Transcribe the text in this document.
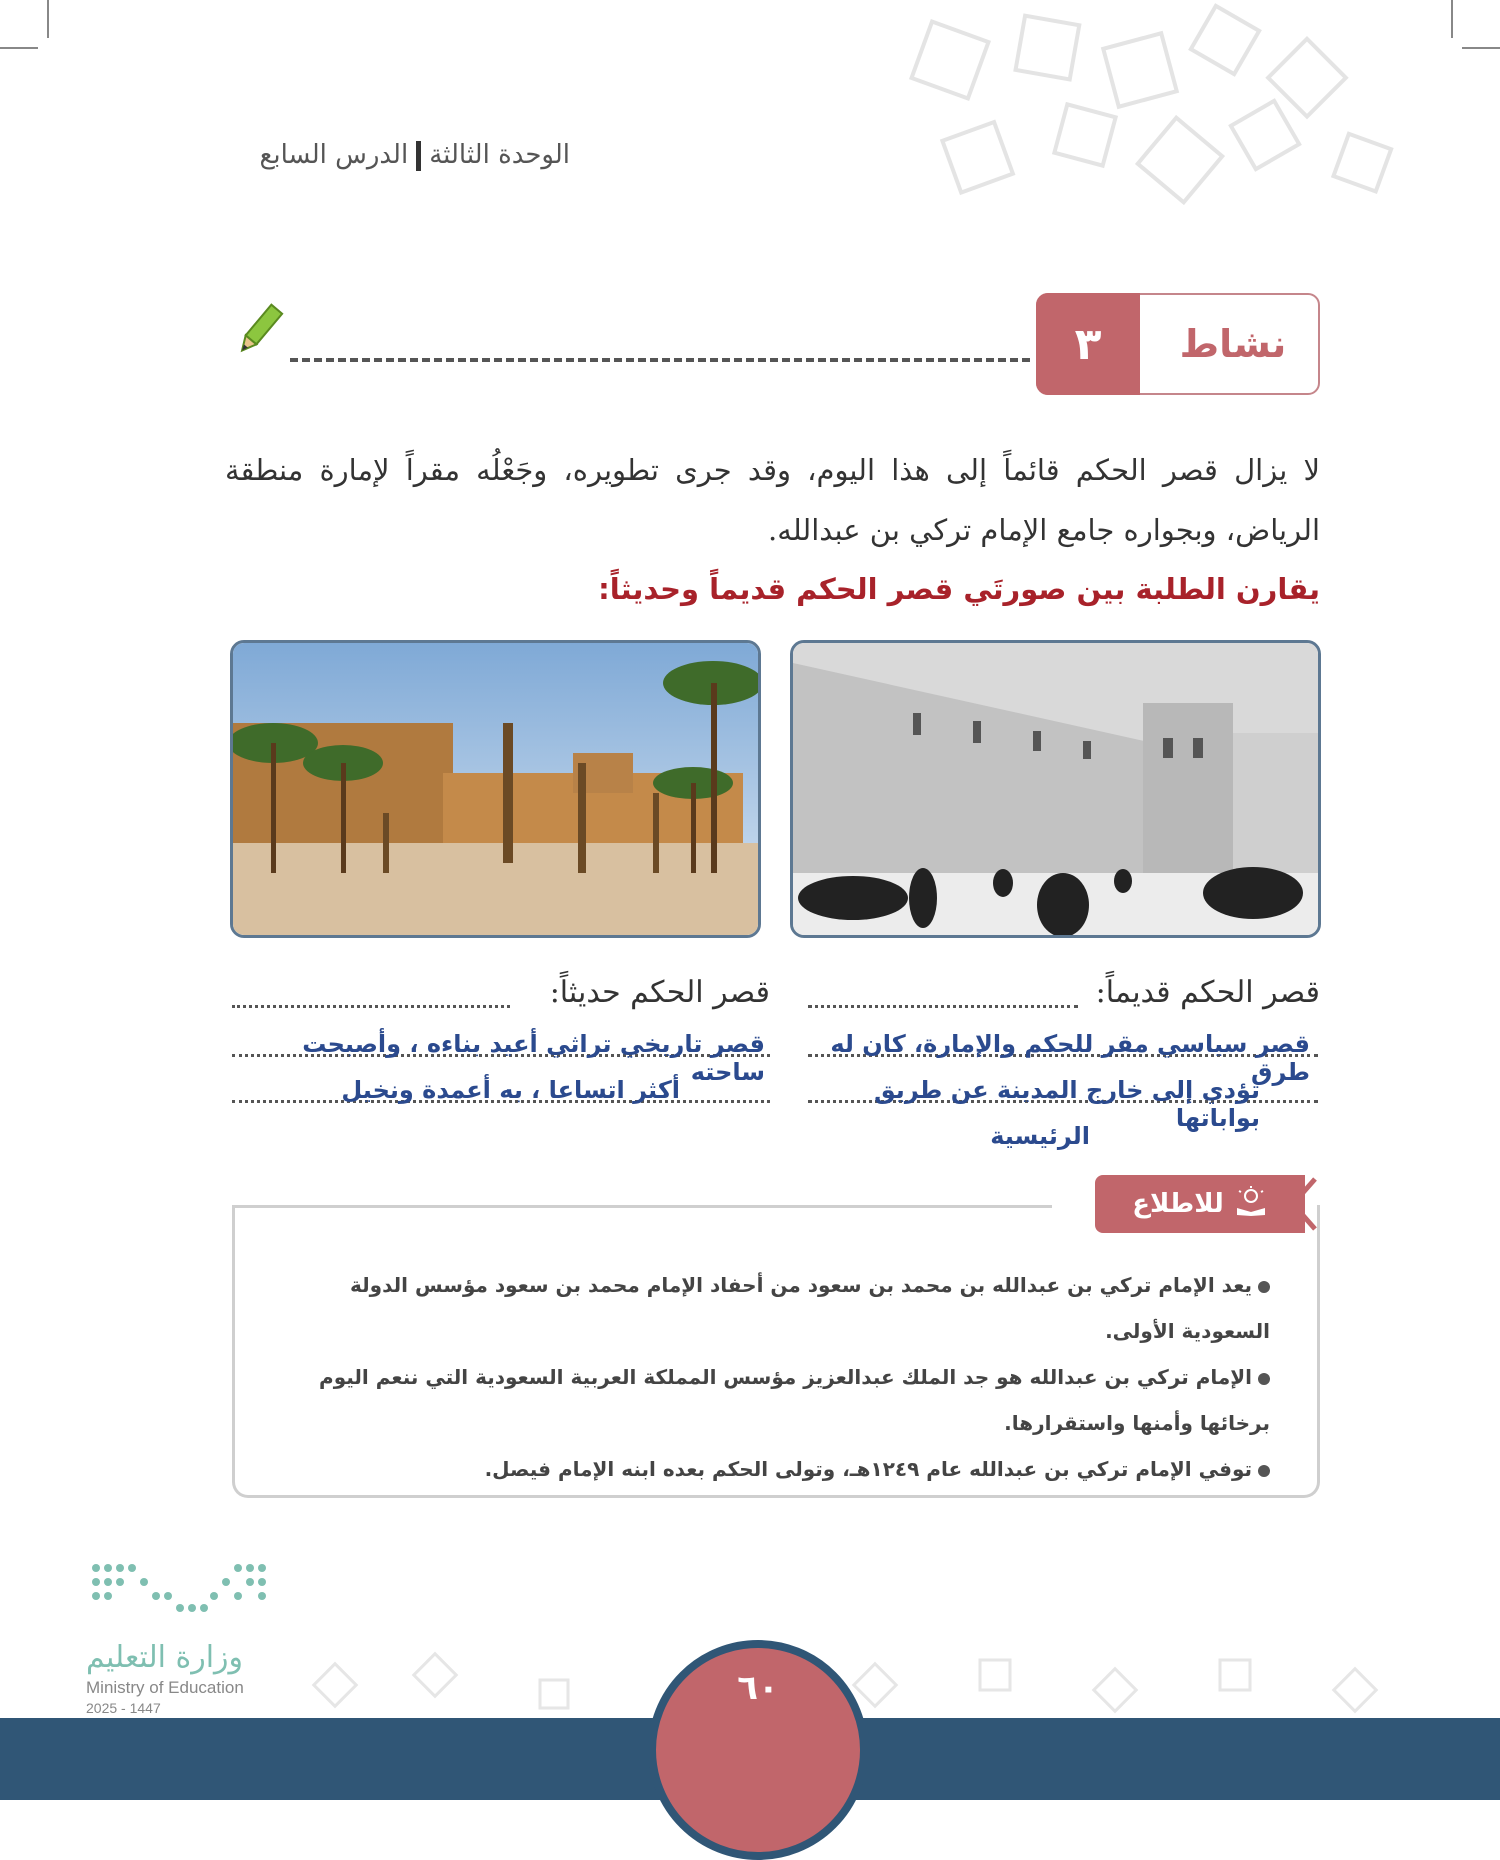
الوحدة الثالثةالدرس السابع
٣	نشاط
لا يزال قصر الحكم قائماً إلى هذا اليوم، وقد جرى تطويره، وجَعْلُه مقراً لإمارة منطقة الرياض، وبجواره جامع الإمام تركي بن عبدالله.
يقارن الطلبة بين صورتَي قصر الحكم قديماً وحديثاً:
قصر الحكم قديماً:
قصر الحكم حديثاً:
قصر سياسي مقر للحكم والإمارة، كان له طرق
تؤدي إلى خارج المدينة عن طريق بواباتها
الرئيسية
قصر تاريخي تراثي أعيد بناءه ، وأصبحت ساحته
أكثر اتساعا ، به أعمدة ونخيل
للاطلاع

يعد الإمام تركي بن عبدالله بن محمد بن سعود من أحفاد الإمام محمد بن سعود مؤسس الدولة السعودية الأولى.

الإمام تركي بن عبدالله هو جد الملك عبدالعزيز مؤسس المملكة العربية السعودية التي ننعم اليوم برخائها وأمنها واستقرارها.

توفي الإمام تركي بن عبدالله عام ١٢٤٩هـ، وتولى الحكم بعده ابنه الإمام فيصل.

وزارة التعليم
Ministry of Education
2025 - 1447	٦٠
